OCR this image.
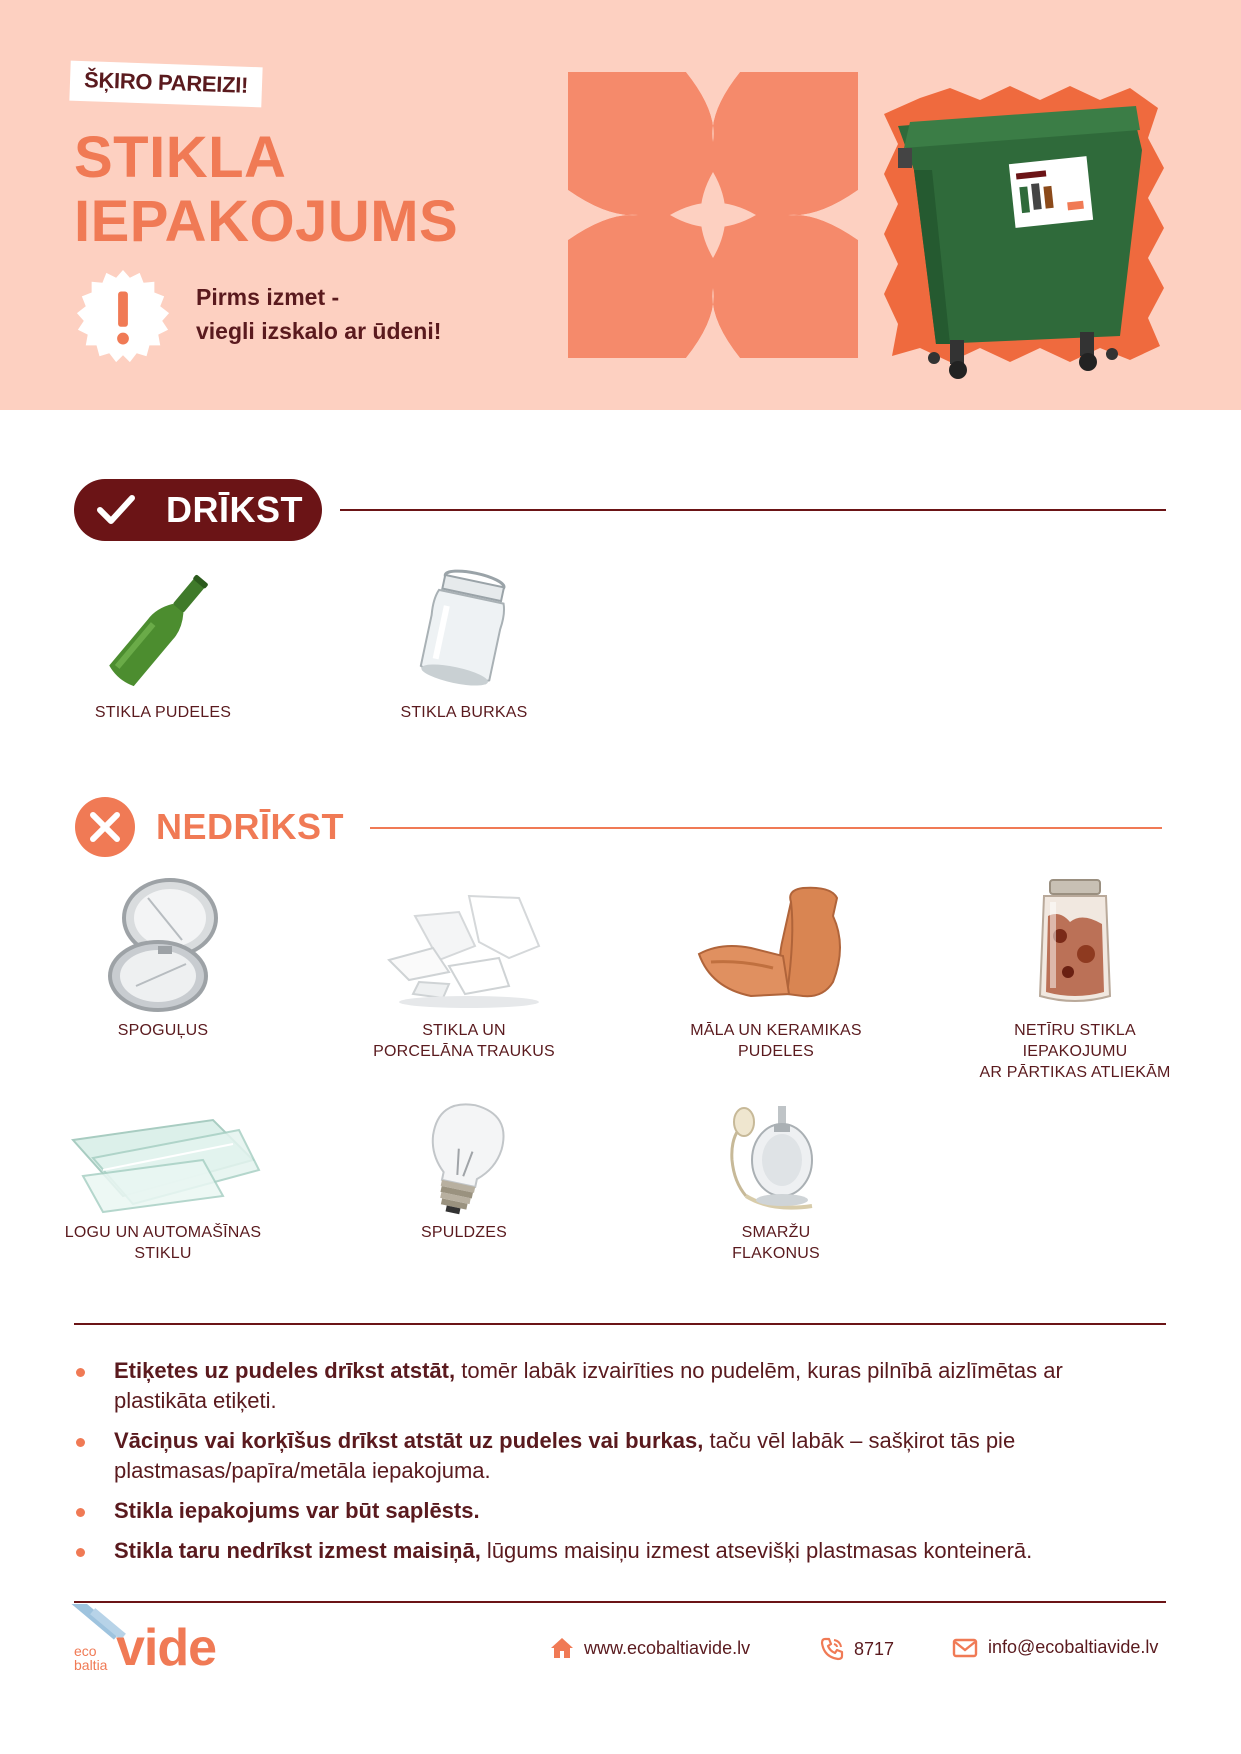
ŠĶIRO PAREIZI!
STIKLA
IEPAKOJUMS
Pirms izmet -
viegli izskalo ar ūdeni!
DRĪKST
STIKLA PUDELES	STIKLA BURKAS
NEDRĪKST
SPOGUĻUS	STIKLA UN
PORCELĀNA TRAUKUS
MĀLA UN KERAMIKAS
PUDELES
NETĪRU STIKLA
IEPAKOJUMU
AR PĀRTIKAS ATLIEKĀM
LOGU UN AUTOMAŠĪNAS
STIKLU
SPULDZES	SMARŽU
FLAKONUS
Etiķetes uz pudeles drīkst atstāt, tomēr labāk izvairīties no pudelēm, kuras pilnībā aizlīmētas ar plastikāta etiķeti.
Vāciņus vai korķīšus drīkst atstāt uz pudeles vai burkas, taču vēl labāk – sašķirot tās pie plastmasas/papīra/metāla iepakojuma.
Stikla iepakojums var būt saplēsts.
Stikla taru nedrīkst izmest maisiņā, lūgums maisiņu izmest atsevišķi plastmasas konteinerā.
eco
baltia vide	www.ecobaltiavide.lv	8717	info@ecobaltiavide.lv
